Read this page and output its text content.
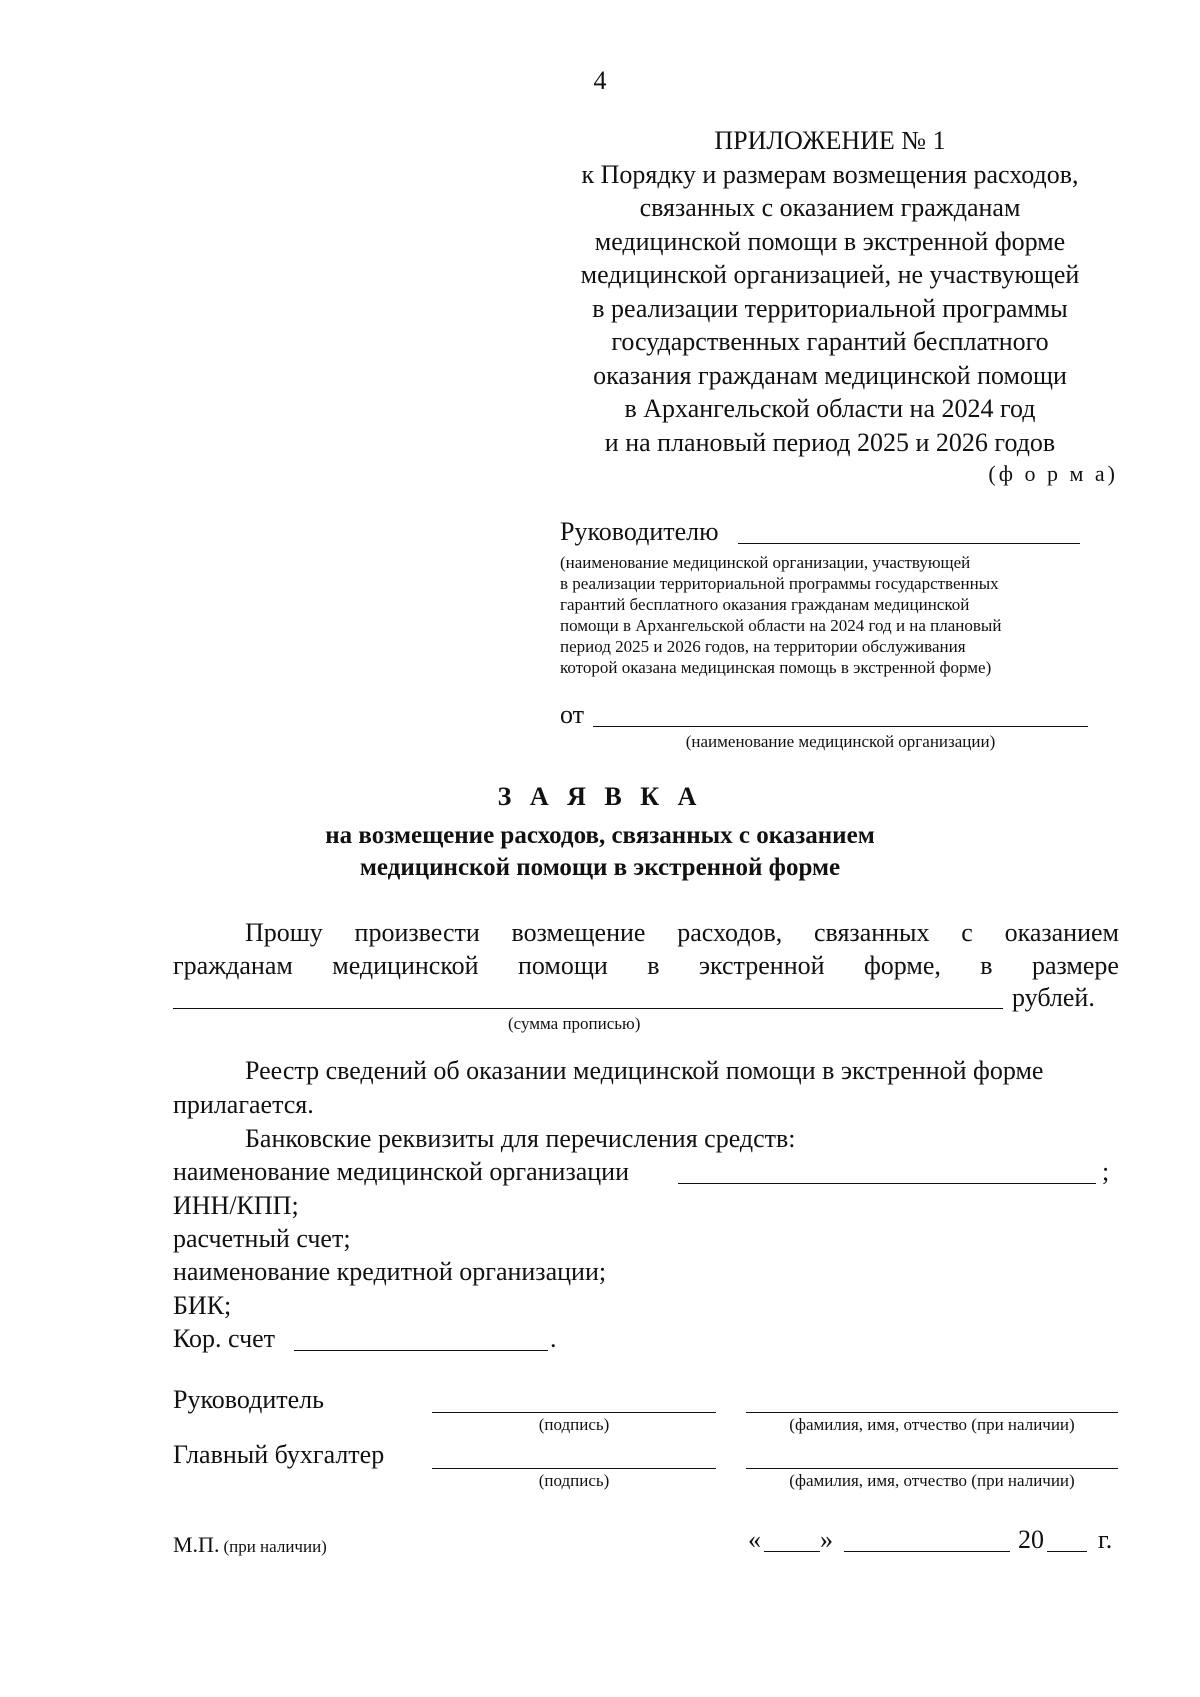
4
ПРИЛОЖЕНИЕ № 1
к Порядку и размерам возмещения расходов,
связанных с оказанием гражданам
медицинской помощи в экстренной форме
медицинской организацией, не участвующей
в реализации территориальной программы
государственных гарантий бесплатного
оказания гражданам медицинской помощи
в Архангельской области на 2024 год
и на плановый период 2025 и 2026 годов
(ф о р м а)
Руководителю
(наименование медицинской организации, участвующей
в реализации территориальной программы государственных
гарантий бесплатного оказания гражданам медицинской
помощи в Архангельской области на 2024 год и на плановый
период 2025 и 2026 годов, на территории обслуживания
которой оказана медицинская помощь в экстренной форме)
от
(наименование медицинской организации)
З А Я В К А
на возмещение расходов, связанных с оказанием
медицинской помощи в экстренной форме
Прошу произвести возмещение расходов, связанных с оказанием
гражданам медицинской помощи в экстренной форме, в размере
рублей.
(сумма прописью)
Реестр сведений об оказании медицинской помощи в экстренной форме
прилагается.
Банковские реквизиты для перечисления средств:
наименование медицинской организации	;
ИНН/КПП;
расчетный счет;
наименование кредитной организации;
БИК;
Кор. счет	.
Руководитель
(подпись)	(фамилия, имя, отчество (при наличии)
Главный бухгалтер
(подпись)	(фамилия, имя, отчество (при наличии)
М.П. (при наличии)	« »	20 г.
